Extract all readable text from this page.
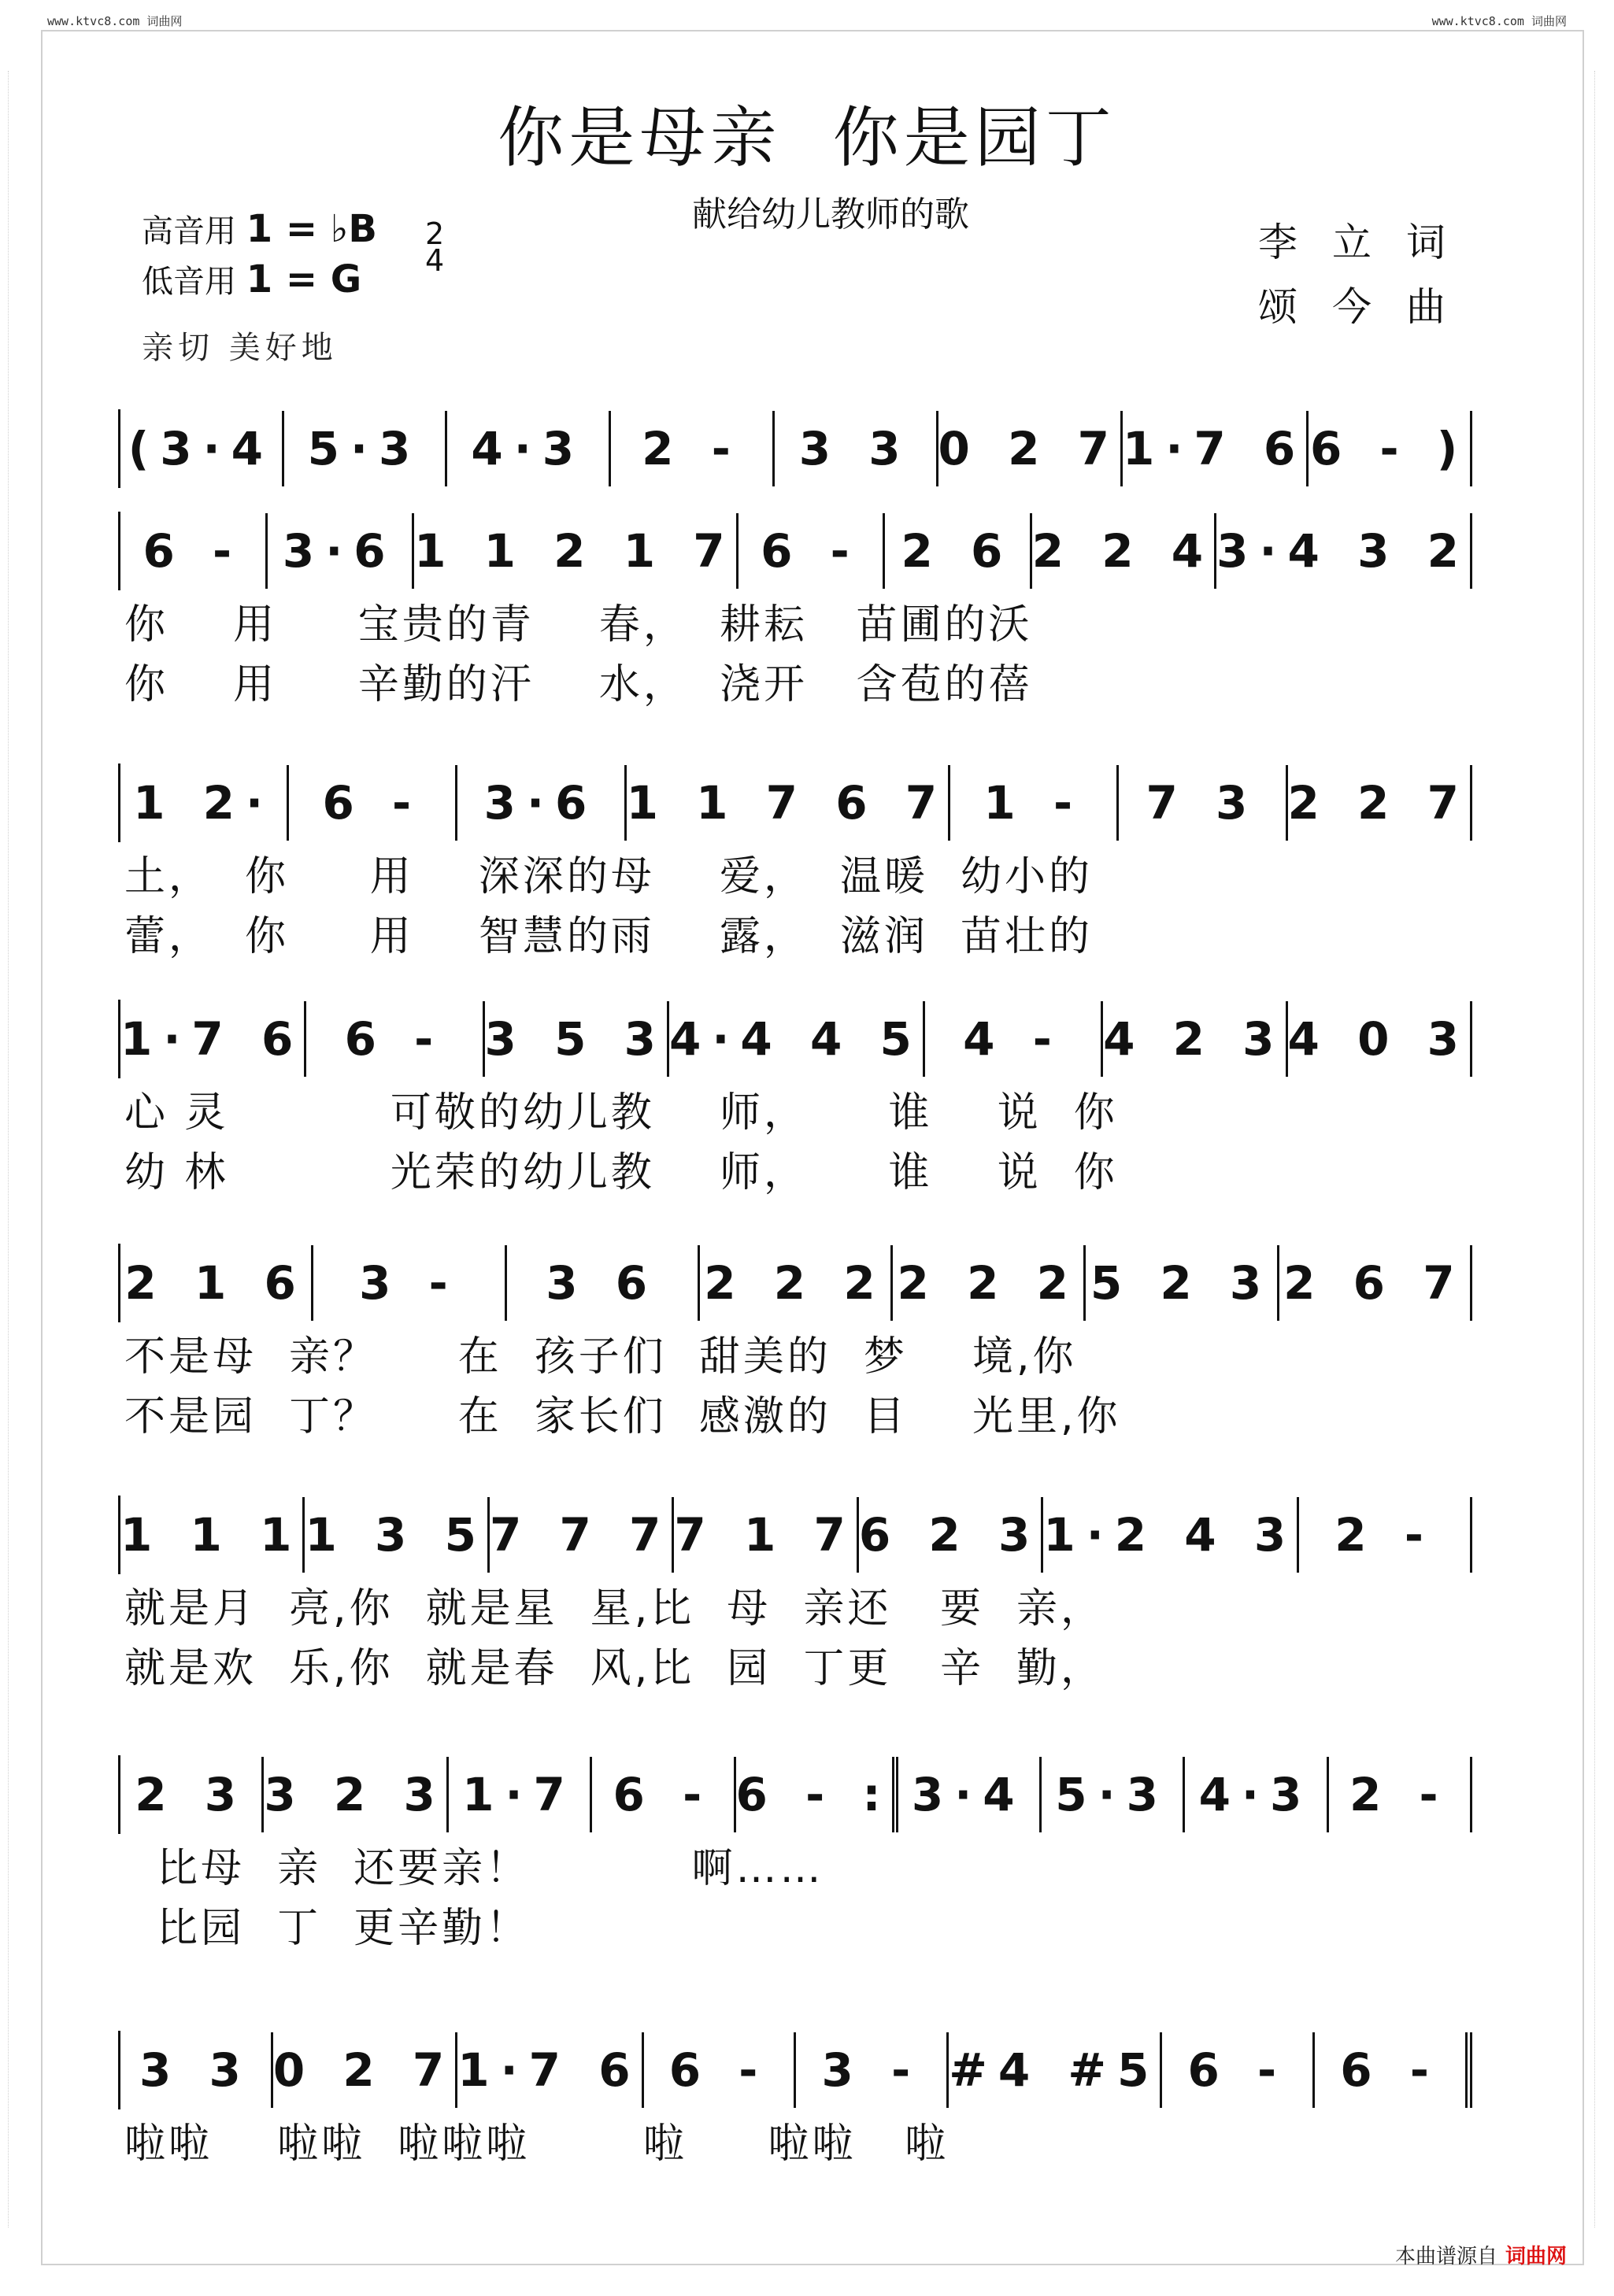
www.ktvc8.com 词曲网	www.ktvc8.com 词曲网
你是母亲  你是园丁
献给幼儿教师的歌
高音用 1 = ♭B
低音用 1 = G
2
4	李立词
颂今曲
亲切 美好地
(3·4 5·3	4·3	2 -	3 3 0 2 7 1·7 6 6 - )
6 - 3·6 1 1 2 1 7 6 - 2 6 2 2 4 3·4 3 2
你    用     宝贵的青    春，  耕耘   苗圃的沃
你    用     辛勤的汗    水，  浇开   含苞的蓓
1 2·	6 -	3·6 1 1 7 6 7 1 -	7 3 2 2 7
土，  你     用    深深的母    爱，  温暖  幼小的
蕾，  你     用    智慧的雨    露，  滋润  苗壮的
1·7 6 6 - 3 5 3 4·4 4 5 4 - 4 2 3 4 0 3
心 灵          可敬的幼儿教    师，     谁    说  你
幼 林          光荣的幼儿教    师，     谁    说  你
2 1 6	3 -	3 6	2 2 2 2 2 2 5 2 3 2 6 7
不是母  亲？     在  孩子们  甜美的  梦    境,你
不是园  丁？     在  家长们  感激的  目    光里,你
1 1 1 1 3 5 7 7 7 7 1 7 6 2 3 1·2 4 3 2 -
就是月  亮,你  就是星  星,比  母  亲还   要  亲，
就是欢  乐,你  就是春  风,比  园  丁更   辛  勤，
2 3 3 2 3 1·7 6 - 6 - : 3·4 5·3 4·3 2 -
比母  亲  还要亲！          啊……
比园  丁  更辛勤！
3 3 0 2 7 1·7 6 6 -	3 - #4 #5 6 -	6 -
啦啦    啦啦  啦啦啦       啦     啦啦   啦
本曲谱源自 词曲网
